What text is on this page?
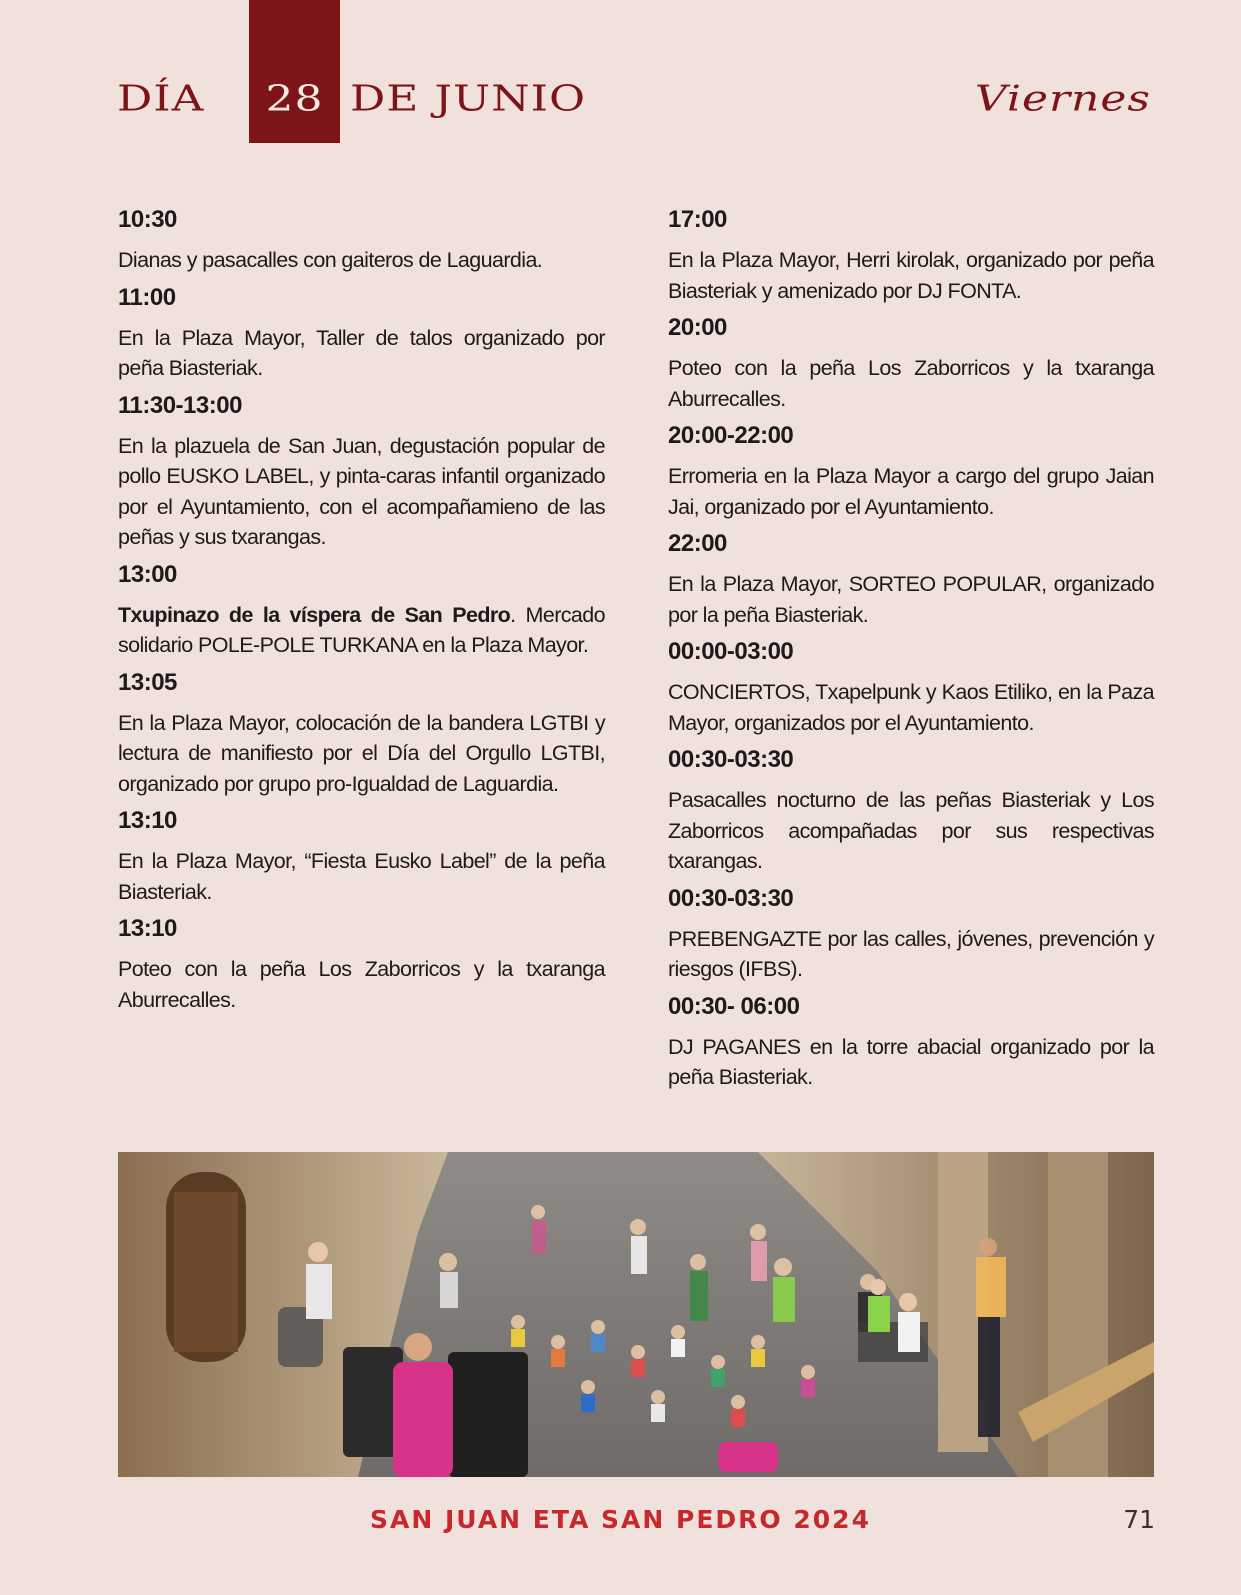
DÍA	28 DE JUNIO	Viernes

10:30

Dianas y pasacalles con gaiteros de Laguardia.

11:00

En la Plaza Mayor, Taller de talos organizado por peña Biasteriak.

11:30-13:00

En la plazuela de San Juan, degustación popular de pollo EUSKO LABEL, y pinta-caras infantil organizado por el Ayuntamiento, con el acompañamieno de las peñas y sus txarangas.

13:00

Txupinazo de la víspera de San Pedro. Mercado solidario POLE-POLE TURKANA en la Plaza Mayor.

13:05

En la Plaza Mayor, colocación de la bandera LGTBI y lectura de manifiesto por el Día del Orgullo LGTBI, organizado por grupo pro-Igualdad de Laguardia.

13:10

En la Plaza Mayor, “Fiesta Eusko Label” de la peña Biasteriak.

13:10

Poteo con la peña Los Zaborricos y la txaranga Aburrecalles.

17:00

En la Plaza Mayor, Herri kirolak, organizado por peña Biasteriak y amenizado por DJ FONTA.

20:00

Poteo con la peña Los Zaborricos y la txaranga Aburrecalles.

20:00-22:00

Erromeria en la Plaza Mayor a cargo del grupo Jaian Jai, organizado por el Ayuntamiento.

22:00

En la Plaza Mayor, SORTEO POPULAR, organizado por la peña Biasteriak.

00:00-03:00

CONCIERTOS, Txapelpunk y Kaos Etiliko, en la Paza Mayor, organizados por el Ayuntamiento.

00:30-03:30

Pasacalles nocturno de las peñas Biasteriak y Los Zaborricos acompañadas por sus respectivas txarangas.

00:30-03:30

PREBENGAZTE por las calles, jóvenes, prevención y riesgos (IFBS).

00:30- 06:00

DJ PAGANES en la torre abacial organizado por la peña Biasteriak.

SAN JUAN ETA SAN PEDRO 2024	71
